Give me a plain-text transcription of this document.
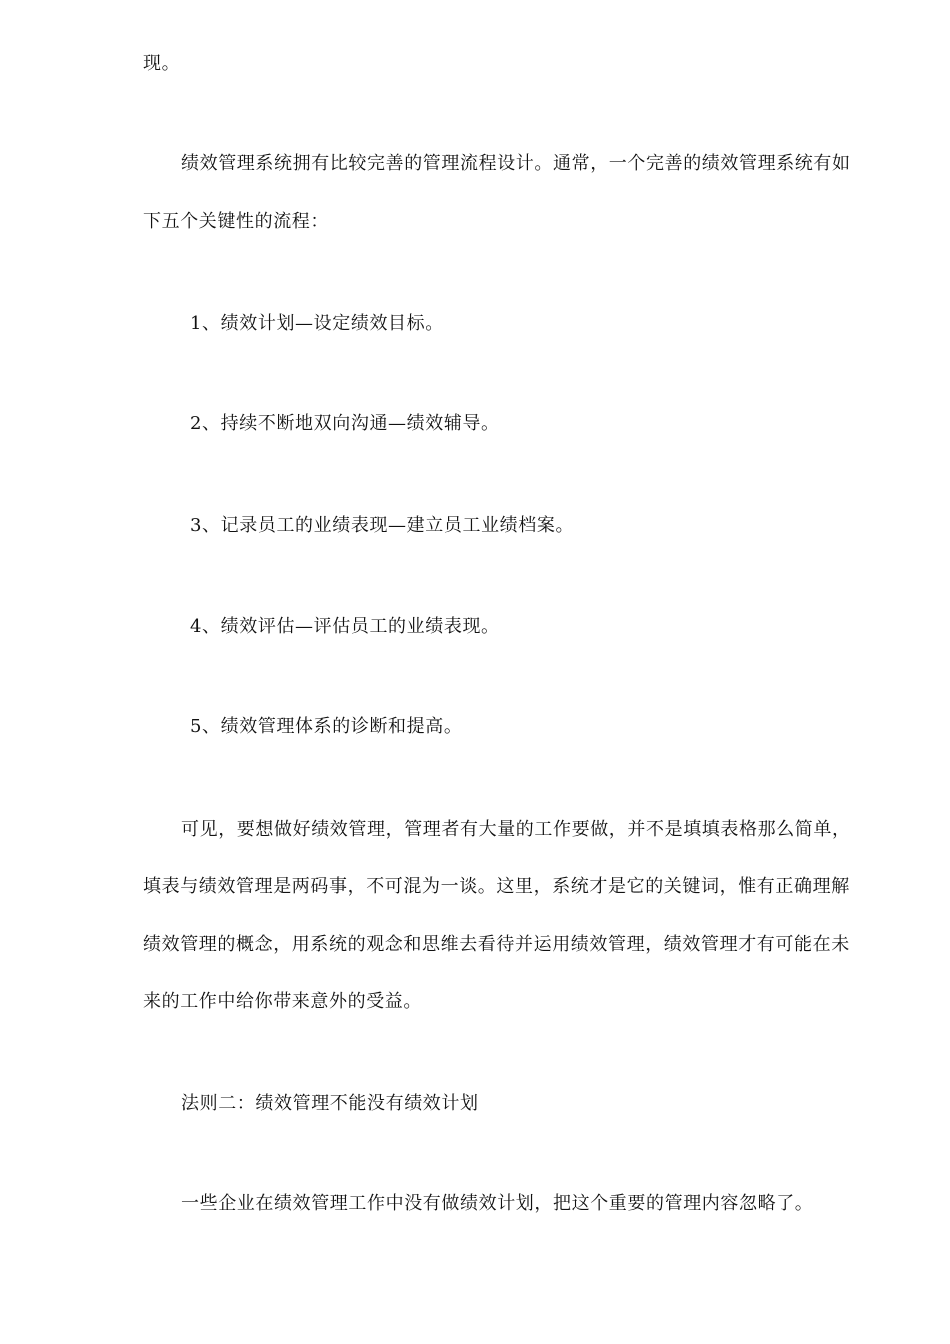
现。
绩效管理系统拥有比较完善的管理流程设计。通常，一个完善的绩效管理系统有如
下五个关键性的流程：
1、绩效计划—设定绩效目标。
2、持续不断地双向沟通—绩效辅导。
3、记录员工的业绩表现—建立员工业绩档案。
4、绩效评估—评估员工的业绩表现。
5、绩效管理体系的诊断和提高。
可见，要想做好绩效管理，管理者有大量的工作要做，并不是填填表格那么简单，
填表与绩效管理是两码事，不可混为一谈。这里，系统才是它的关键词，惟有正确理解
绩效管理的概念，用系统的观念和思维去看待并运用绩效管理，绩效管理才有可能在未
来的工作中给你带来意外的受益。
法则二：绩效管理不能没有绩效计划
一些企业在绩效管理工作中没有做绩效计划，把这个重要的管理内容忽略了。
